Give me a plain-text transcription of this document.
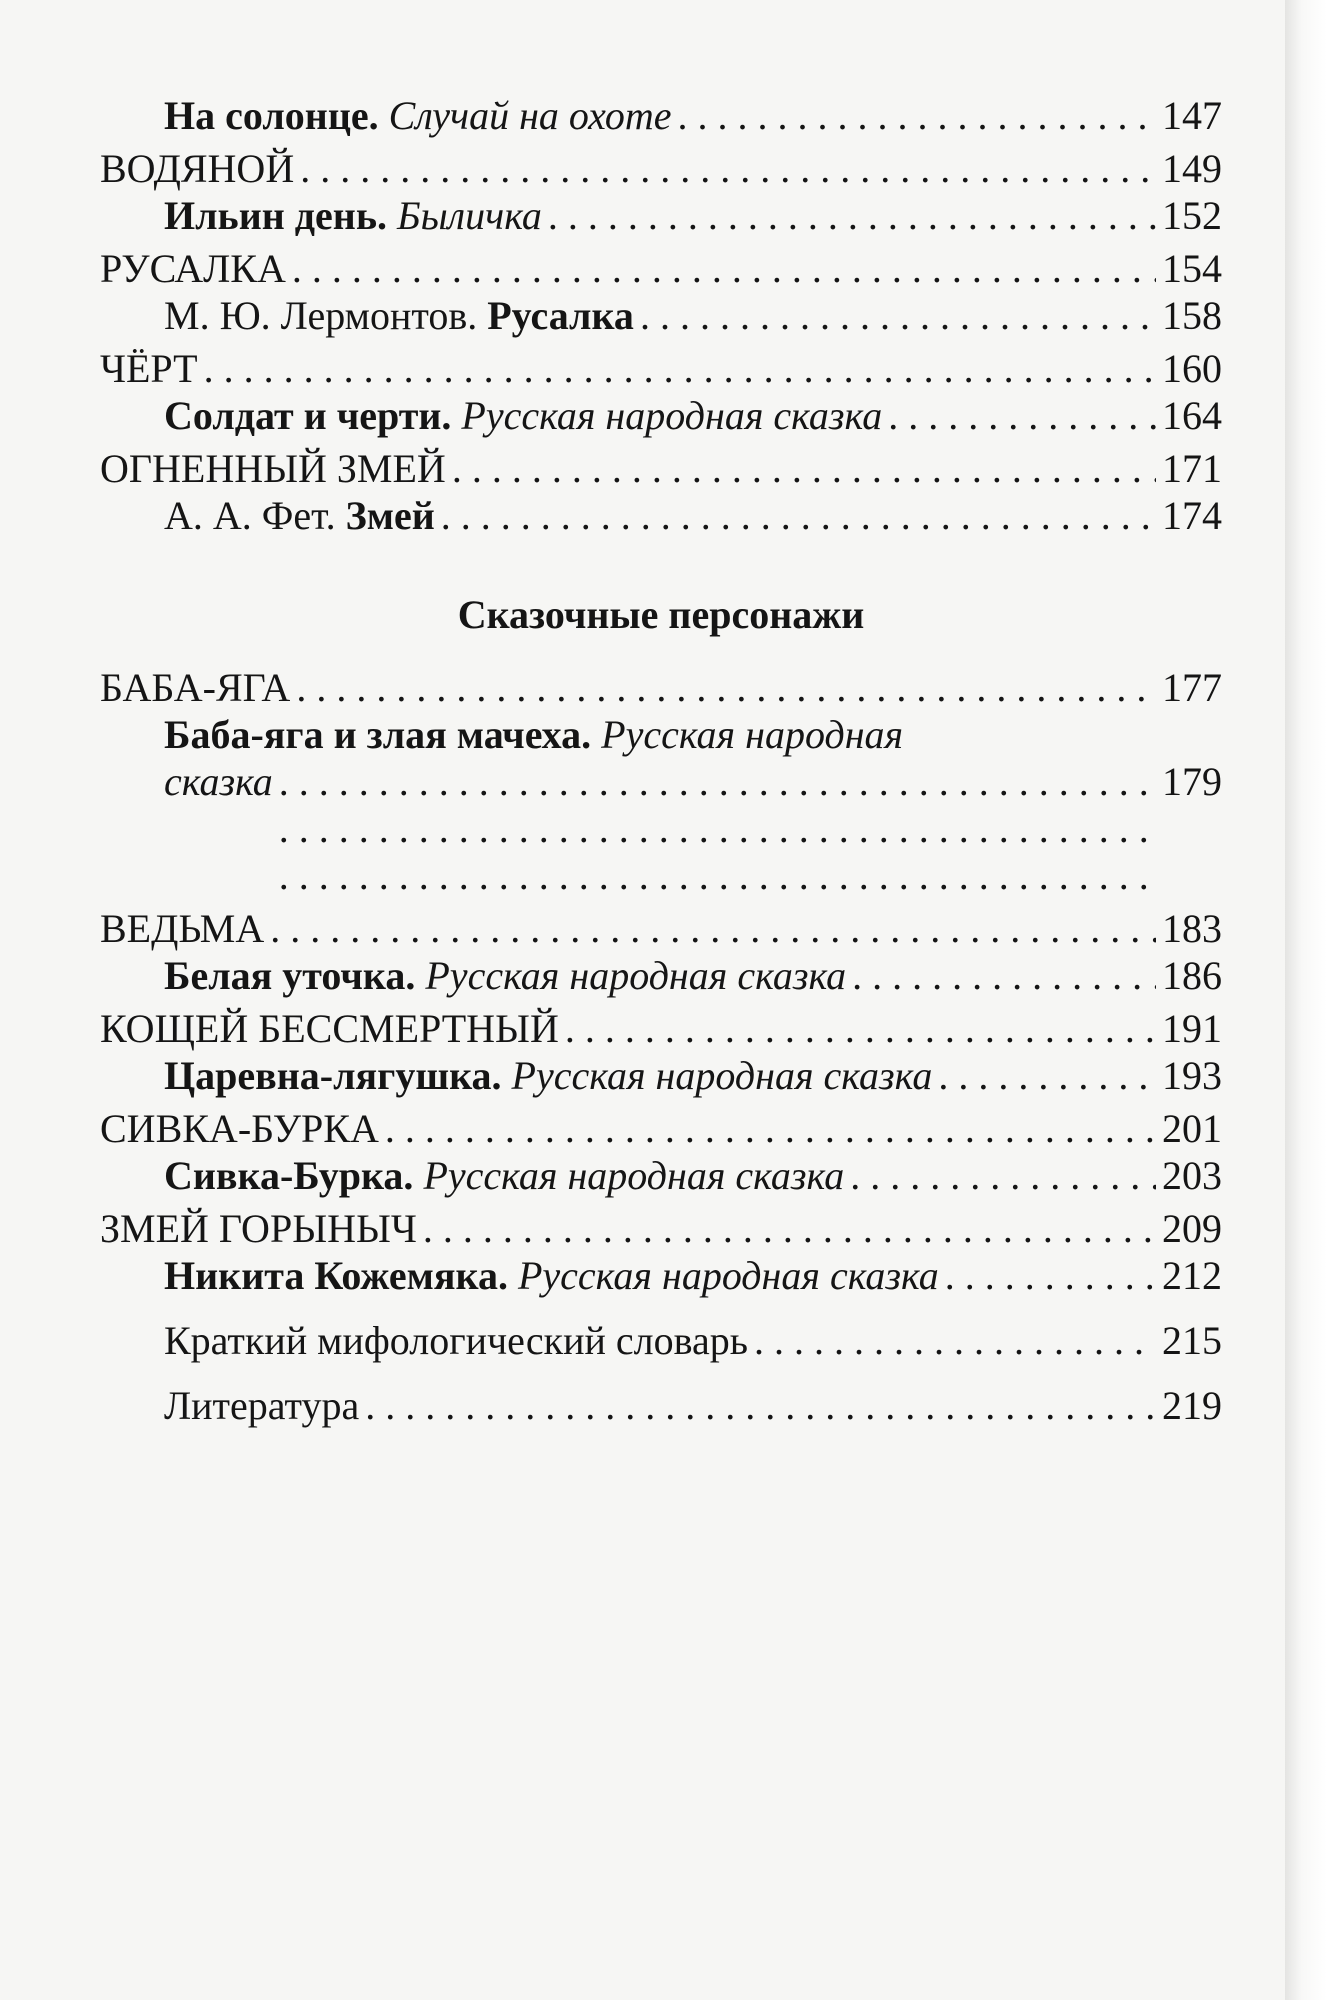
На солонце. Случай на охоте . . .	147
ВОДЯНОЙ . . .	149
Ильин день. Быличка . . .	152
РУСАЛКА . . .	154
М. Ю. Лермонтов. Русалка . . .	158
ЧЁРТ . . .	160
Солдат и черти. Русская народная сказка . . .	164
ОГНЕННЫЙ ЗМЕЙ . . .	171
А. А. Фет. Змей . . .	174
Сказочные персонажи
БАБА-ЯГА . . .	177
Баба-яга и злая мачеха. Русская народная
сказка . . .	179
ВЕДЬМА . . .	183
Белая уточка. Русская народная сказка . . .	186
КОЩЕЙ БЕССМЕРТНЫЙ . . .	191
Царевна-лягушка. Русская народная сказка . . .	193
СИВКА-БУРКА . . .	201
Сивка-Бурка. Русская народная сказка . . .	203
ЗМЕЙ ГОРЫНЫЧ . . .	209
Никита Кожемяка. Русская народная сказка . . .	212
Краткий мифологический словарь . . .	215
Литература . . .	219
